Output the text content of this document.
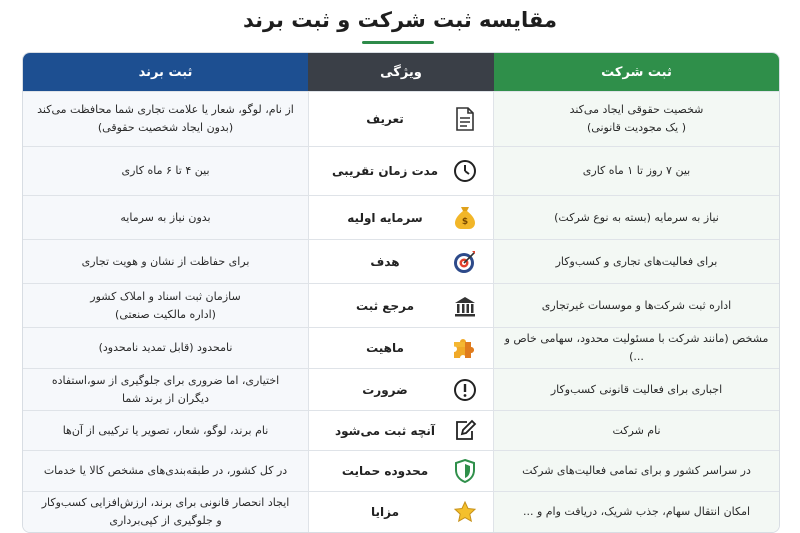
مقایسه ثبت شرکت و ثبت برند
ثبت شرکت
ویژگی
ثبت برند
شخصیت حقوقی ایجاد می‌کند
( یک مجودیت قانونی)
تعریف
از نام، لوگو، شعار یا علامت تجاری شما محافظت می‌کند
(بدون ایجاد شخصیت حقوقی)
بین ۷ روز تا ۱ ماه کاری
مدت زمان تقریبی
بین ۴ تا ۶ ماه کاری
نیاز به سرمایه (بسته به نوع شرکت)
$
سرمایه اولیه
بدون نیاز به سرمایه
برای فعالیت‌های تجاری و کسب‌وکار
هدف
برای حفاظت از نشان و هویت تجاری
اداره ثبت شرکت‌ها و موسسات غیرتجاری
مرجع ثبت
سازمان ثبت اسناد و املاک کشور
(اداره مالکیت صنعتی)
مشخص (مانند شرکت با مسئولیت محدود، سهامی خاص و ...)
ماهیت
نامحدود (قابل تمدید نامحدود)
اجباری برای فعالیت قانونی کسب‌وکار
ضرورت
اختیاری، اما ضروری برای جلوگیری از سو،استفاده
دیگران از برند شما
نام شرکت
آنچه ثبت می‌شود
نام برند، لوگو، شعار، تصویر یا ترکیبی از آن‌ها
در سراسر کشور و برای تمامی فعالیت‌های شرکت
محدوده حمایت
در کل کشور، در طبقه‌بندی‌های مشخص کالا یا خدمات
امکان انتقال سهام، جذب شریک، دریافت وام و ...
مزایا
ایجاد انحصار قانونی برای برند، ارزش‌افزایی کسب‌وکار
و جلوگیری از کپی‌برداری
